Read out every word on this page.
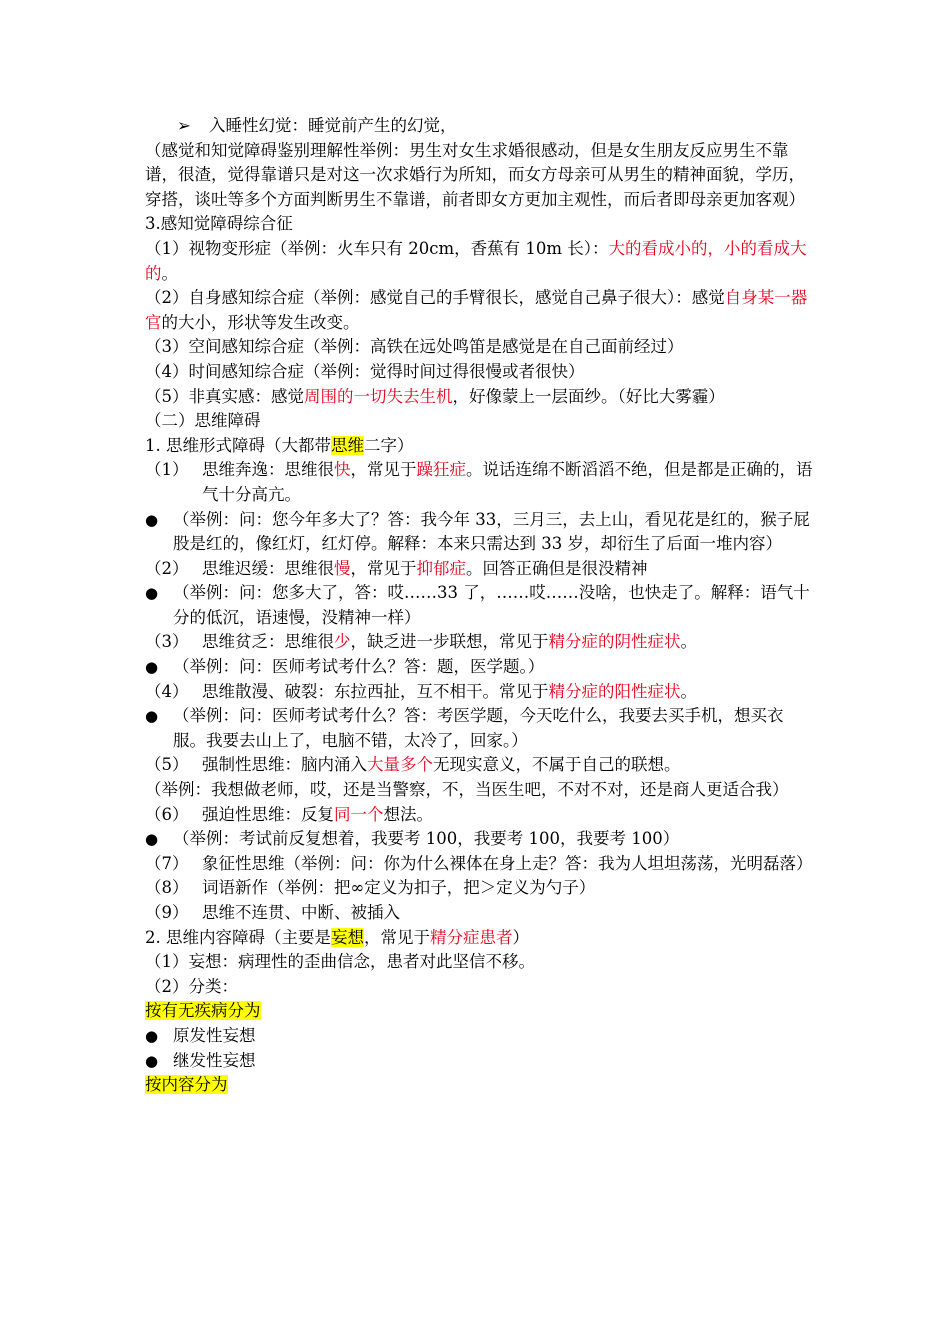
➢ 入睡性幻觉：睡觉前产生的幻觉，
（感觉和知觉障碍鉴别理解性举例：男生对女生求婚很感动，但是女生朋友反应男生不靠谱，很渣，觉得靠谱只是对这一次求婚行为所知，而女方母亲可从男生的精神面貌，学历，穿搭，谈吐等多个方面判断男生不靠谱，前者即女方更加主观性，而后者即母亲更加客观）
3.感知觉障碍综合征
（1）视物变形症（举例：火车只有 20cm，香蕉有 10m 长）：大的看成小的，小的看成大的。
（2）自身感知综合症（举例：感觉自己的手臂很长，感觉自己鼻子很大）：感觉自身某一器官的大小，形状等发生改变。
（3）空间感知综合症（举例：高铁在远处鸣笛是感觉是在自己面前经过）
（4）时间感知综合症（举例：觉得时间过得很慢或者很快）
（5）非真实感：感觉周围的一切失去生机，好像蒙上一层面纱。（好比大雾霾）
（二）思维障碍
1. 思维形式障碍（大都带思维二字）
（1） 思维奔逸：思维很快，常见于躁狂症。说话连绵不断滔滔不绝，但是都是正确的，语气十分高亢。
● （举例：问：您今年多大了？答：我今年 33，三月三，去上山，看见花是红的，猴子屁股是红的，像红灯，红灯停。解释：本来只需达到 33 岁，却衍生了后面一堆内容）
（2） 思维迟缓：思维很慢，常见于抑郁症。回答正确但是很没精神
● （举例：问：您多大了，答：哎……33 了，……哎……没啥，也快走了。解释：语气十分的低沉，语速慢，没精神一样）
（3） 思维贫乏：思维很少，缺乏进一步联想，常见于精分症的阴性症状。
● （举例：问：医师考试考什么？答：题，医学题。）
（4） 思维散漫、破裂：东拉西扯，互不相干。常见于精分症的阳性症状。
● （举例：问：医师考试考什么？答：考医学题，今天吃什么，我要去买手机，想买衣服。我要去山上了，电脑不错，太冷了，回家。）
（5） 强制性思维：脑内涌入大量多个无现实意义，不属于自己的联想。
（举例：我想做老师，哎，还是当警察，不，当医生吧，不对不对，还是商人更适合我）
（6） 强迫性思维：反复同一个想法。
● （举例：考试前反复想着，我要考 100，我要考 100，我要考 100）
（7） 象征性思维（举例：问：你为什么裸体在身上走？答：我为人坦坦荡荡，光明磊落）
（8） 词语新作（举例：把∞定义为扣子，把＞定义为勺子）
（9） 思维不连贯、中断、被插入
2. 思维内容障碍（主要是妄想，常见于精分症患者）
（1）妄想：病理性的歪曲信念，患者对此坚信不移。
（2）分类：
按有无疾病分为
● 原发性妄想
● 继发性妄想
按内容分为
